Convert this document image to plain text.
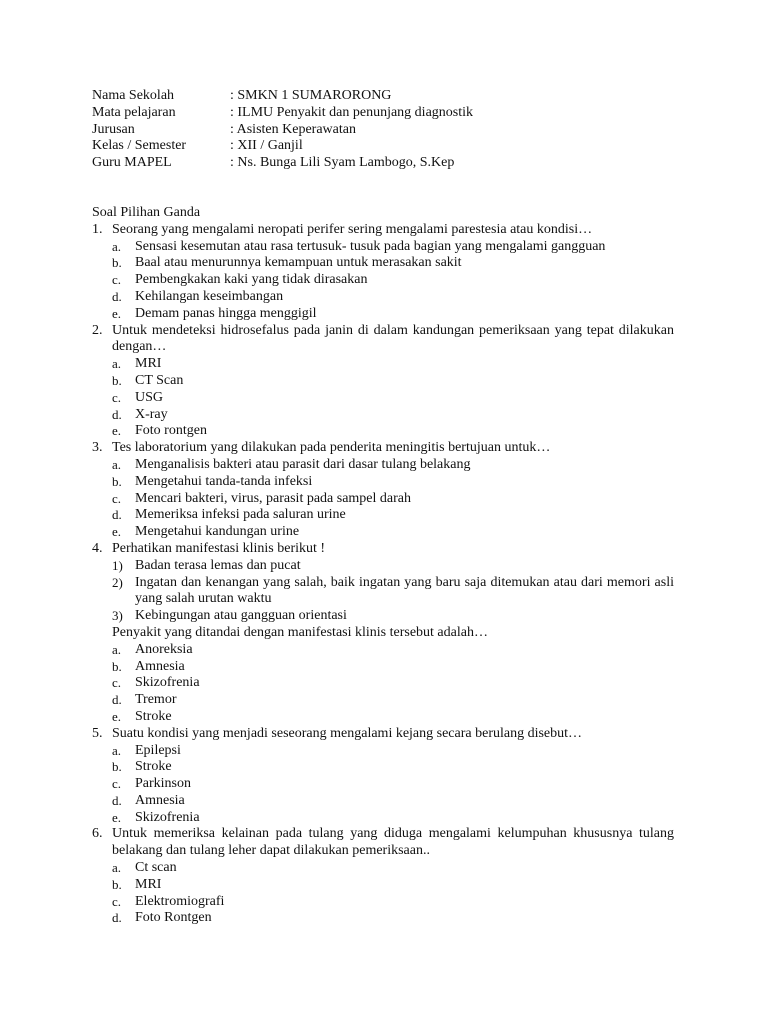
Nama Sekolah	: SMKN 1 SUMARORONG
Mata pelajaran	: ILMU Penyakit dan penunjang diagnostik
Jurusan	: Asisten Keperawatan
Kelas / Semester	: XII / Ganjil
Guru MAPEL	: Ns. Bunga Lili Syam Lambogo, S.Kep
Soal Pilihan Ganda
1. Seorang yang mengalami neropati perifer sering mengalami parestesia atau kondisi…
a. Sensasi kesemutan atau rasa tertusuk- tusuk pada bagian yang mengalami gangguan
b. Baal atau menurunnya kemampuan untuk merasakan sakit
c. Pembengkakan kaki yang tidak dirasakan
d. Kehilangan keseimbangan
e. Demam panas hingga menggigil
2. Untuk mendeteksi hidrosefalus pada janin di dalam kandungan pemeriksaan yang tepat dilakukan dengan…
a. MRI
b. CT Scan
c. USG
d. X-ray
e. Foto rontgen
3. Tes laboratorium yang dilakukan pada penderita meningitis bertujuan untuk…
a. Menganalisis bakteri atau parasit dari dasar tulang belakang
b. Mengetahui tanda-tanda infeksi
c. Mencari bakteri, virus, parasit pada sampel darah
d. Memeriksa infeksi pada saluran urine
e. Mengetahui kandungan urine
4. Perhatikan manifestasi klinis berikut !
1) Badan terasa lemas dan pucat
2) Ingatan dan kenangan yang salah, baik ingatan yang baru saja ditemukan atau dari memori asli yang salah urutan waktu
3) Kebingungan atau gangguan orientasi
Penyakit yang ditandai dengan manifestasi klinis tersebut adalah…
a. Anoreksia
b. Amnesia
c. Skizofrenia
d. Tremor
e. Stroke
5. Suatu kondisi yang menjadi seseorang mengalami kejang secara berulang disebut…
a. Epilepsi
b. Stroke
c. Parkinson
d. Amnesia
e. Skizofrenia
6. Untuk memeriksa kelainan pada tulang yang diduga mengalami kelumpuhan khususnya tulang belakang dan tulang leher dapat dilakukan pemeriksaan..
a. Ct scan
b. MRI
c. Elektromiografi
d. Foto Rontgen
